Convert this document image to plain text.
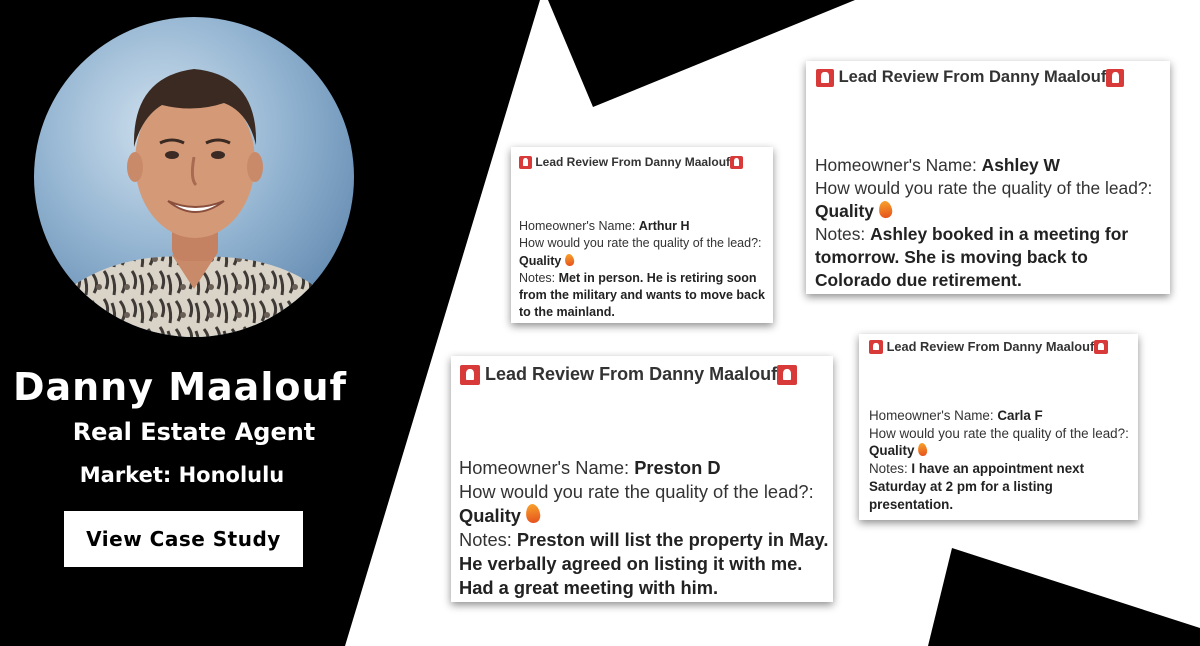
Danny Maalouf
Real Estate Agent
Market: Honolulu
View Case Study

Lead Review From Danny Maalouf
Homeowner's Name: Arthur H
How would you rate the quality of the lead?: Quality
Notes: Met in person. He is retiring soon from the military and wants to move back to the mainland.

Lead Review From Danny Maalouf
Homeowner's Name: Ashley W
How would you rate the quality of the lead?: Quality
Notes: Ashley booked in a meeting for tomorrow. She is moving back to Colorado due retirement.

Lead Review From Danny Maalouf
Homeowner's Name: Carla F
How would you rate the quality of the lead?: Quality
Notes: I have an appointment next Saturday at 2 pm for a listing presentation.

Lead Review From Danny Maalouf
Homeowner's Name: Preston D
How would you rate the quality of the lead?: Quality
Notes: Preston will list the property in May. He verbally agreed on listing it with me. Had a great meeting with him.
